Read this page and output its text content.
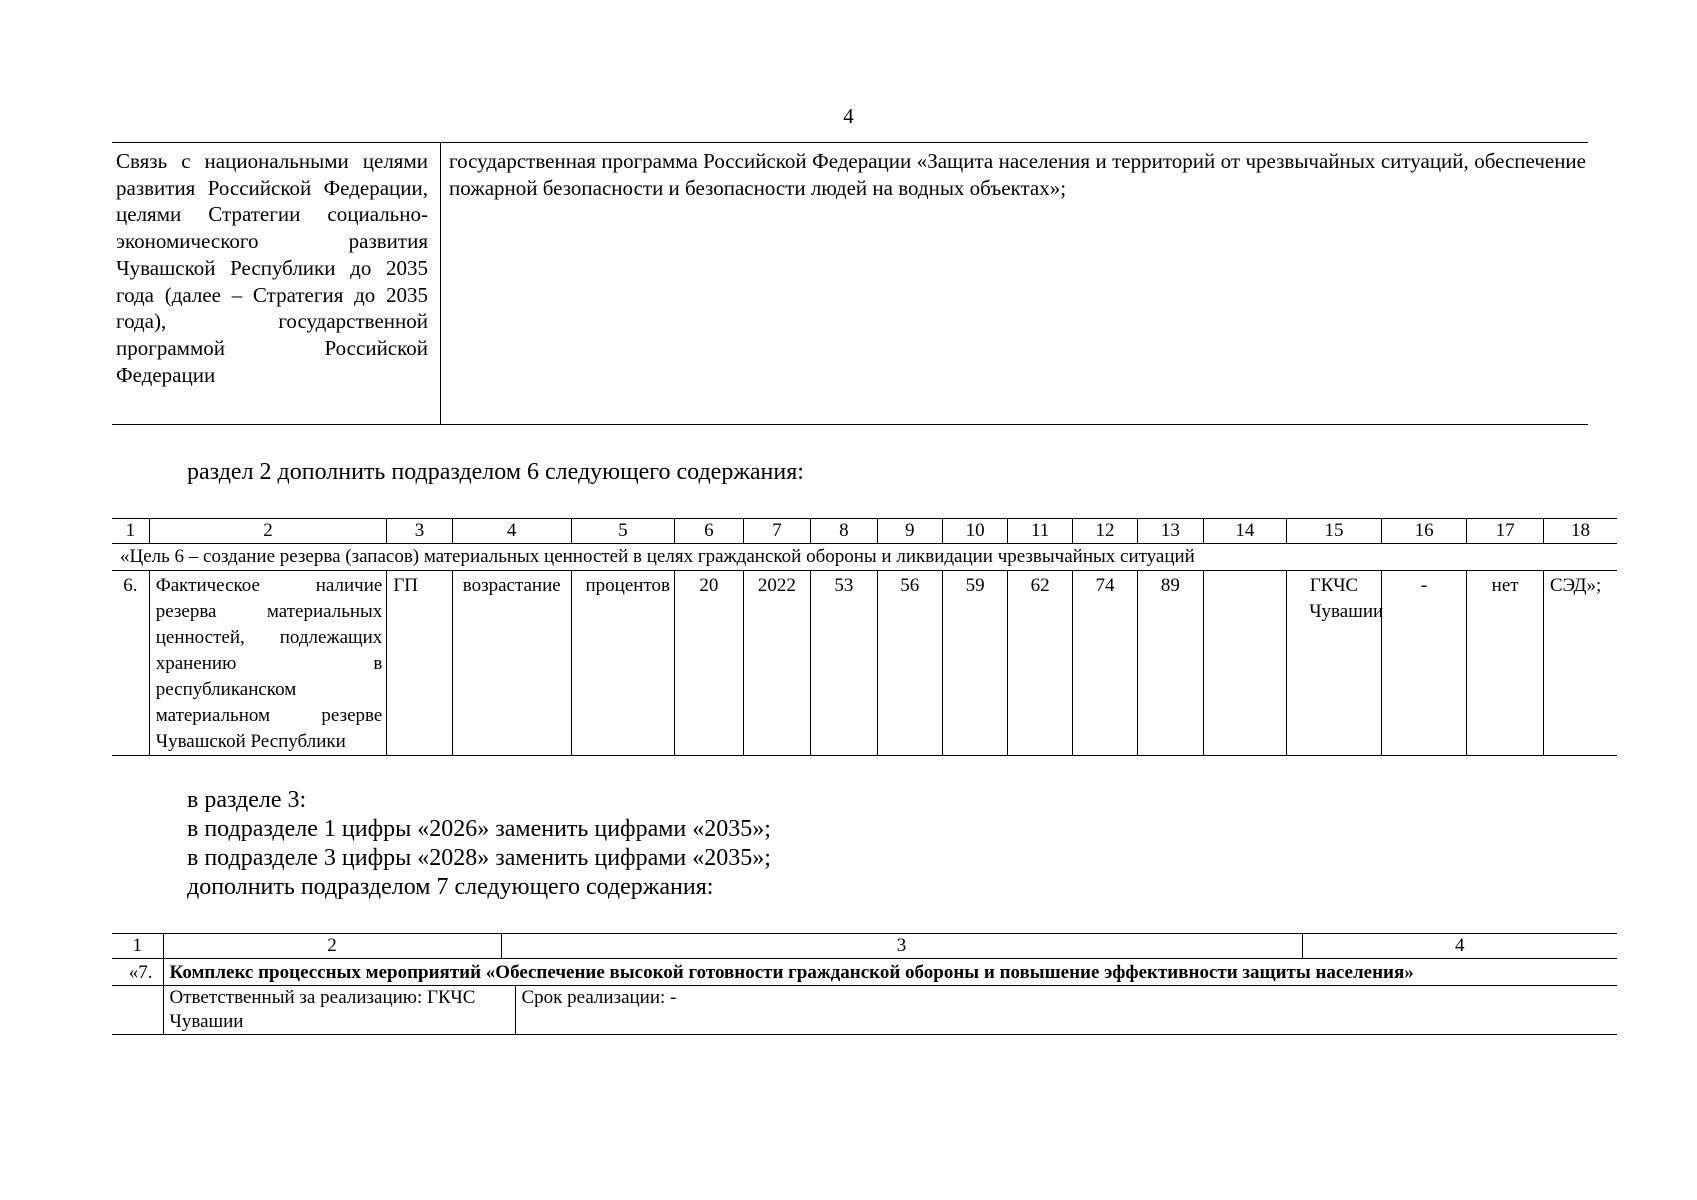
4
Связь с национальными целями развития Российской Федерации, целями Стратегии социально-экономического развития Чувашской Республики до 2035 года (далее – Стратегия до 2035 года), государственной программой Российской Федерации	государственная программа Российской Федерации «Защита населения и территорий от чрезвычайных ситуаций, обеспечение пожарной безопасности и безопасности людей на водных объектах»;

раздел 2 дополнить подразделом 6 следующего содержания:

1	2	3	4	5	6	7	8	9	10	11	12	13	14	15	16	17	18
«Цель 6 – создание резерва (запасов) материальных ценностей в целях гражданской обороны и ликвидации чрезвычайных ситуаций																	
6.	Фактическое наличие резерва материальных ценностей, подлежащих хранению в республиканском материальном резерве Чувашской Республики	ГП	возрастание	процентов	20	2022	53	56	59	62	74	89		ГКЧС Чувашии	-	нет	СЭД»;
в разделе 3:
в подразделе 1 цифры «2026» заменить цифрами «2035»;
в подразделе 3 цифры «2028» заменить цифрами «2035»;
дополнить подразделом 7 следующего содержания:
1	2	3		4
«7.	Комплекс процессных мероприятий «Обеспечение высокой готовности гражданской обороны и повышение эффективности защиты населения»			
	Ответственный за реализацию: ГКЧС Чувашии		Срок реализации: -	
